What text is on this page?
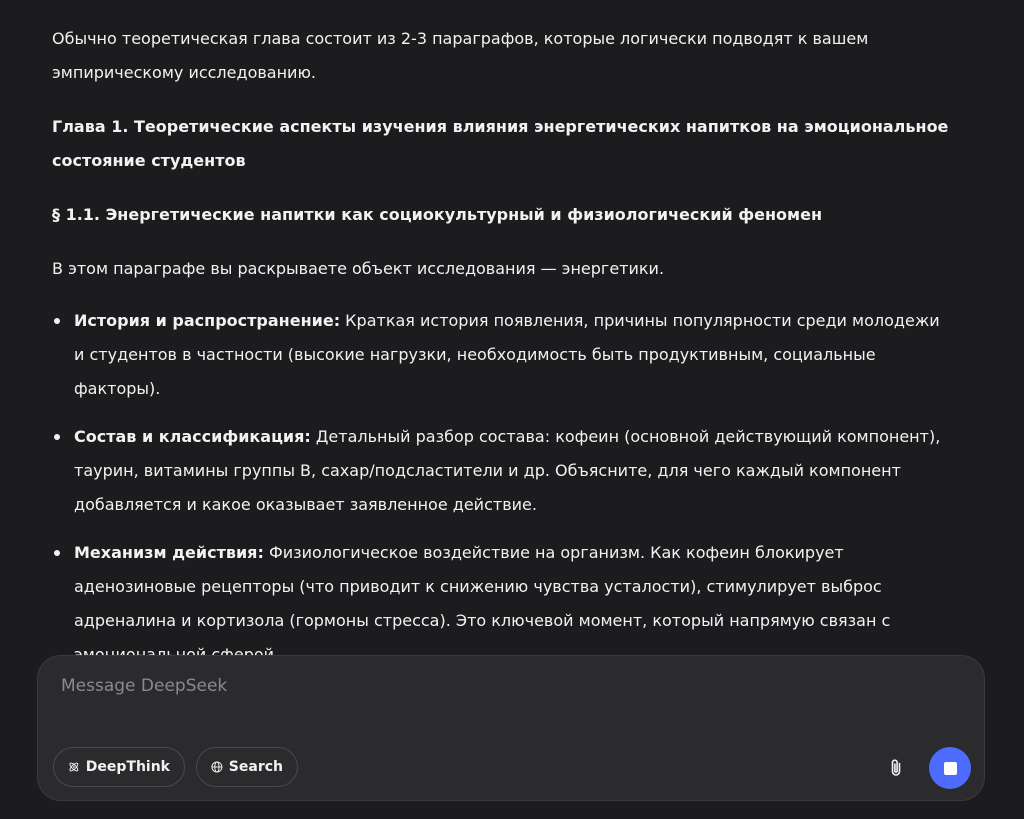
Обычно теоретическая глава состоит из 2-3 параграфов, которые логически подводят к вашем эмпирическому исследованию.

Глава 1. Теоретические аспекты изучения влияния энергетических напитков на эмоциональное состояние студентов

§ 1.1. Энергетические напитки как социокультурный и физиологический феномен

В этом параграфе вы раскрываете объект исследования — энергетики.

История и распространение: Краткая история появления, причины популярности среди молодежи и студентов в частности (высокие нагрузки, необходимость быть продуктивным, социальные факторы).
Состав и классификация: Детальный разбор состава: кофеин (основной действующий компонент), таурин, витамины группы B, сахар/подсластители и др. Объясните, для чего каждый компонент добавляется и какое оказывает заявленное действие.
Механизм действия: Физиологическое воздействие на организм. Как кофеин блокирует аденозиновые рецепторы (что приводит к снижению чувства усталости), стимулирует выброс адреналина и кортизола (гормоны стресса). Это ключевой момент, который напрямую связан с
Message DeepSeek
DeepThink	Search
